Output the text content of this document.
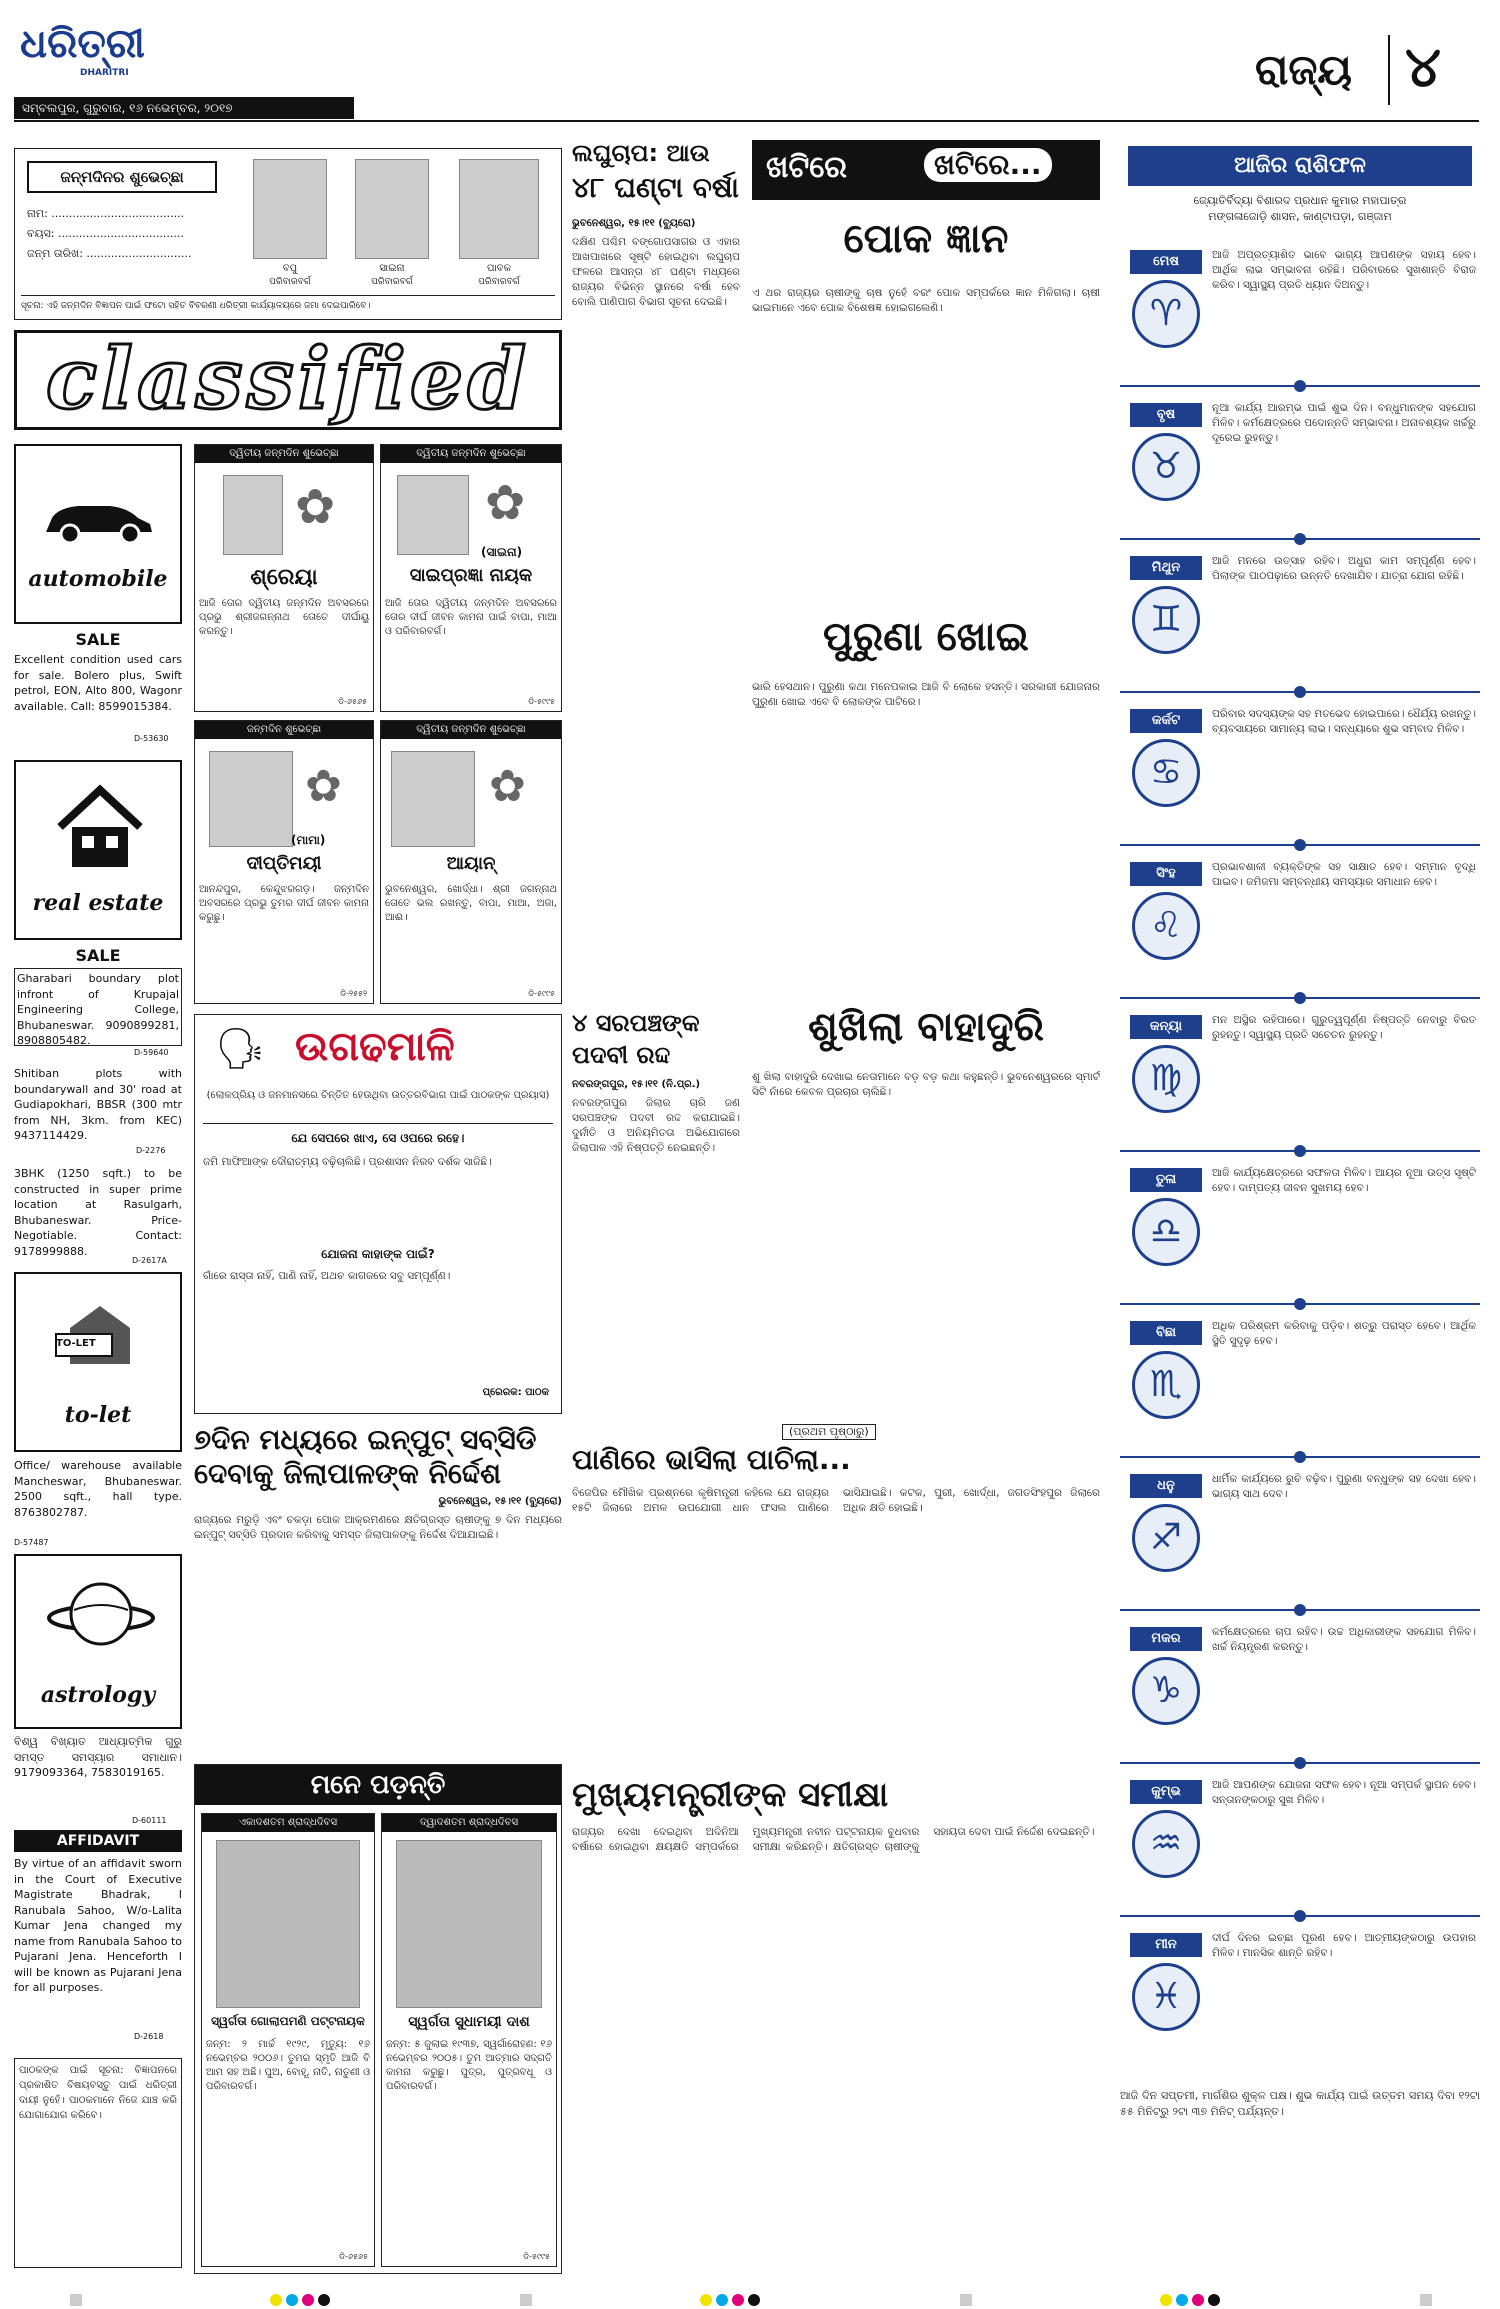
ଧରିତ୍ରୀ
DHARITRI
ସମ୍ବଲପୁର, ଗୁରୁବାର, ୧୬ ନଭେମ୍ବର, ୨୦୧୭
ରାଜ୍ୟ ୪
ଜନ୍ମଦିନର ଶୁଭେଚ୍ଛା
ନାମ: ......................................
ବୟସ: ....................................
ଜନ୍ମ ତାରିଖ: ..............................
ବପୁ
ପରିବାରବର୍ଗ
ସାଇନା
ପରିବାରବର୍ଗ
ପାବକ
ପରିବାରବର୍ଗ
ସୂଚନା: ଏହି ଜନ୍ମଦିନ ବିଜ୍ଞାପନ ପାଇଁ ଫଟୋ ସହିତ ବିବରଣୀ ଧରିତ୍ରୀ କାର୍ଯ୍ୟାଳୟରେ ଜମା ଦେଇପାରିବେ।
classified
automobile
SALE
Excellent condition used cars for sale. Bolero plus, Swift petrol, EON, Alto 800, Wagonr available. Call: 8599015384.
D-53630
real estate
SALE
Gharabari boundary plot infront of Krupajal Engineering College, Bhubaneswar. 9090899281, 8908805482.
D-59640
Shitiban plots with boundarywall and 30' road at Gudiapokhari, BBSR (300 mtr from NH, 3km. from KEC) 9437114429.
D-2276
3BHK (1250 sqft.) to be constructed in super prime location at Rasulgarh, Bhubaneswar. Price-Negotiable. Contact: 9178999888.
D-2617A
TO-LET
to-let
Office/ warehouse available Mancheswar, Bhubaneswar. 2500 sqft., hall type. 8763802787.
D-57487
astrology
ବିଶ୍ୱ ବିଖ୍ୟାତ ଆଧ୍ୟାତ୍ମିକ ଗୁରୁ ସମସ୍ତ ସମସ୍ୟାର ସମାଧାନ। 9179093364, 7583019165.
D-60111
AFFIDAVIT
By virtue of an affidavit sworn in the Court of Executive Magistrate Bhadrak, I Ranubala Sahoo, W/o-Lalita Kumar Jena changed my name from Ranubala Sahoo to Pujarani Jena. Henceforth I will be known as Pujarani Jena for all purposes.
D-2618
ପାଠକଙ୍କ ପାଇଁ ସୂଚନା: ବିଜ୍ଞାପନରେ ପ୍ରକାଶିତ ବିଷୟବସ୍ତୁ ପାଇଁ ଧରିତ୍ରୀ ଦାୟୀ ନୁହେଁ। ପାଠକମାନେ ନିଜେ ଯାଞ୍ଚ କରି ଯୋଗାଯୋଗ କରିବେ।
ଦ୍ୱିତୀୟ ଜନ୍ମଦିନ ଶୁଭେଚ୍ଛା
✿
ଶ୍ରେୟା
ଆଜି ତୋର ଦ୍ୱିତୀୟ ଜନ୍ମଦିନ ଅବସରରେ ପ୍ରଭୁ ଶ୍ରୀଜଗନ୍ନାଥ ତୋତେ ଦୀର୍ଘାୟୁ କରନ୍ତୁ।
ଡି-୬୫୬୫
ଦ୍ୱିତୀୟ ଜନ୍ମଦିନ ଶୁଭେଚ୍ଛା
✿
(ସାଇନା)
ସାଇପ୍ରଜ୍ଞା ନାୟକ
ଆଜି ତୋର ଦ୍ୱିତୀୟ ଜନ୍ମଦିନ ଅବସରରେ ତୋର ଦୀର୍ଘ ଜୀବନ କାମନା ପାଇଁ ବାପା, ମାଆ ଓ ପରିବାରବର୍ଗ।
ଡି-୫୯୯୫
ଜନ୍ମଦିନ ଶୁଭେଚ୍ଛା
✿
(ମାମା)
ଦୀପ୍ତିମୟୀ
ଆନନ୍ଦପୁର, କେନ୍ଦୁଝରଗଡ଼। ଜନ୍ମଦିନ ଅବସରରେ ପ୍ରଭୁ ତୁମର ଦୀର୍ଘ ଜୀବନ କାମନା କରୁଛୁ।
ଡି-୨୫୫୨
ଦ୍ୱିତୀୟ ଜନ୍ମଦିନ ଶୁଭେଚ୍ଛା
✿
ଆୟାନ୍
ଭୁବନେଶ୍ୱର, ଖୋର୍ଦ୍ଧା। ଶ୍ରୀ ଜଗନ୍ନାଥ ତୋତେ ଭଲ ରଖନ୍ତୁ, ବାପା, ମାଆ, ଅଜା, ଆଈ।
ଡି-୫୯୯୫
🗣 ଉଗଢମାଳି
(ଲୋକପ୍ରିୟ ଓ ଜନମାନସରେ ଚିନ୍ତିତ ହେଉଥିବା ଉତ୍ତରବିଭାଗ ପାଇଁ ପାଠକଙ୍କ ପ୍ରୟାସ)
ଯେ ସେପରେ ଖାଏ, ସେ ଓପରେ ରହେ।
ଜମି ମାଫିଆଙ୍କ ଦୌରାତ୍ମ୍ୟ ବଢ଼ିଚାଲିଛି। ପ୍ରଶାସନ ନିରବ ଦର୍ଶକ ସାଜିଛି।
ଯୋଜନା କାହାଙ୍କ ପାଇଁ?
ଗାଁରେ ରାସ୍ତା ନାହିଁ, ପାଣି ନାହିଁ, ଅଥଚ କାଗଜରେ ସବୁ ସମ୍ପୂର୍ଣ୍ଣ।
ପ୍ରେରକ: ପାଠକ
ଲଘୁଚାପ: ଆଉ
୪୮ ଘଣ୍ଟା ବର୍ଷା
ଭୁବନେଶ୍ୱର, ୧୫।୧୧ (ବ୍ୟୁରୋ)
ଦକ୍ଷିଣ ପଶ୍ଚିମ ବଙ୍ଗୋପସାଗର ଓ ଏହାର ଆଖପାଖରେ ସୃଷ୍ଟି ହୋଇଥିବା ଲଘୁଚାପ ଫଳରେ ଆସନ୍ତା ୪୮ ଘଣ୍ଟା ମଧ୍ୟରେ ରାଜ୍ୟର ବିଭିନ୍ନ ସ୍ଥାନରେ ବର୍ଷା ହେବ ବୋଲି ପାଣିପାଗ ବିଭାଗ ସୂଚନା ଦେଇଛି।
୪ ସରପଞ୍ଚଙ୍କ
ପଦବୀ ରଦ୍ଦ
ନବରଙ୍ଗପୁର, ୧୫।୧୧ (ନି.ପ୍ର.)
ନବରଙ୍ଗପୁର ଜିଲାର ଚାରି ଜଣ ସରପଞ୍ଚଙ୍କ ପଦବୀ ରଦ୍ଦ କରାଯାଇଛି। ଦୁର୍ନୀତି ଓ ଅନିୟମିତତା ଅଭିଯୋଗରେ ଜିଲାପାଳ ଏହି ନିଷ୍ପତ୍ତି ନେଇଛନ୍ତି।
ଖଟିରେ	ଖଟିରେ...
ପୋକ ଜ୍ଞାନ
ଏ ଥର ରାଜ୍ୟର ଚାଷୀଙ୍କୁ ଚାଷ ନୁହେଁ ବରଂ ପୋକ ସମ୍ପର୍କରେ ଜ୍ଞାନ ମିଳିଗଲା। ଚାଷୀ ଭାଇମାନେ ଏବେ ପୋକ ବିଶେଷଜ୍ଞ ହୋଇଗଲେଣି।
ପୁରୁଣା ଖୋଇ
ଭାରି ହେସଥାନ। ପୁରୁଣା କଥା ମନେପକାଇ ଆଜି ବି ଲୋକେ ହସନ୍ତି। ସରକାରୀ ଯୋଜନାର ପୁରୁଣା ଖୋଇ ଏବେ ବି ଲୋକଙ୍କ ପାଟିରେ।
ଶୁଖିଲା ବାହାଦୁରି
ଶୁ ଖିଲା ବାହାଦୁରି ଦେଖାଇ ନେତାମାନେ ବଡ଼ ବଡ଼ କଥା କହୁଛନ୍ତି। ଭୁବନେଶ୍ୱରରେ ସ୍ମାର୍ଟ ସିଟି ନାଁରେ କେବଳ ପ୍ରଚାର ଚାଲିଛି।
୭ଦିନ ମଧ୍ୟରେ ଇନ୍‌ପୁଟ୍ ସବ୍‌ସିଡି
ଦେବାକୁ ଜିଲାପାଳଙ୍କ ନିର୍ଦ୍ଦେଶ
ଭୁବନେଶ୍ୱର, ୧୫।୧୧ (ବ୍ୟୁରୋ)
ରାଜ୍ୟରେ ମରୁଡ଼ି ଏବଂ ଚକଡ଼ା ପୋକ ଆକ୍ରମଣରେ କ୍ଷତିଗ୍ରସ୍ତ ଚାଷୀଙ୍କୁ ୭ ଦିନ ମଧ୍ୟରେ ଇନ୍‌ପୁଟ୍ ସବ୍‌ସିଡି ପ୍ରଦାନ କରିବାକୁ ସମସ୍ତ ଜିଲାପାଳଙ୍କୁ ନିର୍ଦ୍ଦେଶ ଦିଆଯାଇଛି।
(ପ୍ରଥମ ପୃଷ୍ଠାରୁ)
ପାଣିରେ ଭାସିଲା ପାଚିଲା...
ବିଜେପିର ମୌଖିକ ପ୍ରଶ୍ନରେ କୃଷିମନ୍ତ୍ରୀ କହିଲେ ଯେ ରାଜ୍ୟର ୧୫ଟି ଜିଲାରେ ଅମଳ ଉପଯୋଗୀ ଧାନ ଫସଲ ପାଣିରେ ଭାସିଯାଇଛି। କଟକ, ପୁରୀ, ଖୋର୍ଦ୍ଧା, ଜଗତସିଂହପୁର ଜିଲାରେ ଅଧିକ କ୍ଷତି ହୋଇଛି।
ମନେ ପଡ଼ନ୍ତି
ଏକାଦଶତମ ଶ୍ରାଦ୍ଧଦିବସ
ସ୍ୱର୍ଗତା ଗୋଲାପମଣି ପଟ୍ଟନାୟକ
ଜନ୍ମ: ୨ ମାର୍ଚ୍ଚ ୧୯୨୯, ମୃତ୍ୟୁ: ୧୬ ନଭେମ୍ବର ୨୦୦୬। ତୁମର ସ୍ମୃତି ଆଜି ବି ଆମ ସହ ଅଛି। ପୁଅ, ବୋହୂ, ନାତି, ନାତୁଣୀ ଓ ପରିବାରବର୍ଗ।
ଡି-୬୫୬୫
ଦ୍ୱାଦଶତମ ଶ୍ରାଦ୍ଧଦିବସ
ସ୍ୱର୍ଗତା ସୁଧାମୟୀ ଦାଶ
ଜନ୍ମ: ୫ ଜୁଲାଇ ୧୯୩୭, ସ୍ୱର୍ଗାରୋହଣ: ୧୬ ନଭେମ୍ବର ୨୦୦୫। ତୁମ ଆତ୍ମାର ସଦ୍‌ଗତି କାମନା କରୁଛୁ। ପୁତ୍ର, ପୁତ୍ରବଧୂ ଓ ପରିବାରବର୍ଗ।
ଡି-୫୯୯୫
ମୁଖ୍ୟମନ୍ତ୍ରୀଙ୍କ ସମୀକ୍ଷା
ରାଜ୍ୟର ଦେଖା ଦେଇଥିବା ଅଦିନିଆ ବର୍ଷାରେ ହୋଇଥିବା କ୍ଷୟକ୍ଷତି ସମ୍ପର୍କରେ ମୁଖ୍ୟମନ୍ତ୍ରୀ ନବୀନ ପଟ୍ଟନାୟକ ବୁଧବାର ସମୀକ୍ଷା କରିଛନ୍ତି। କ୍ଷତିଗ୍ରସ୍ତ ଚାଷୀଙ୍କୁ ସହାୟତା ଦେବା ପାଇଁ ନିର୍ଦ୍ଦେଶ ଦେଇଛନ୍ତି।
ଆଜିର ରାଶିଫଳ
ଜ୍ୟୋତିର୍ବିଦ୍ୟା ବିଶାରଦ ପ୍ରଧାନ କୁମାର ମହାପାତ୍ର
ମଙ୍ଗଳାଜୋଡ଼ି ଶାସନ, କାଣ୍ଟାପଡ଼ା, ଗଞ୍ଜାମ
ମେଷ
♈
ଆଜି ଅପ୍ରତ୍ୟାଶିତ ଭାବେ ଭାଗ୍ୟ ଆପଣଙ୍କ ସହାୟ ହେବ। ଆର୍ଥିକ ଲାଭ ସମ୍ଭାବନା ରହିଛି। ପରିବାରରେ ସୁଖଶାନ୍ତି ବିରାଜ କରିବ। ସ୍ୱାସ୍ଥ୍ୟ ପ୍ରତି ଧ୍ୟାନ ଦିଅନ୍ତୁ।
ବୃଷ
♉
ନୂଆ କାର୍ଯ୍ୟ ଆରମ୍ଭ ପାଇଁ ଶୁଭ ଦିନ। ବନ୍ଧୁମାନଙ୍କ ସହଯୋଗ ମିଳିବ। କର୍ମକ୍ଷେତ୍ରରେ ପଦୋନ୍ନତି ସମ୍ଭାବନା। ଅନାବଶ୍ୟକ ଖର୍ଚ୍ଚରୁ ଦୂରେଇ ରୁହନ୍ତୁ।
ମିଥୁନ
♊
ଆଜି ମନରେ ଉତ୍ସାହ ରହିବ। ଅଧୁରା କାମ ସମ୍ପୂର୍ଣ୍ଣ ହେବ। ପିଲାଙ୍କ ପାଠପଢ଼ାରେ ଉନ୍ନତି ଦେଖାଯିବ। ଯାତ୍ରା ଯୋଗ ରହିଛି।
କର୍କଟ
♋
ପରିବାର ସଦସ୍ୟଙ୍କ ସହ ମତଭେଦ ହୋଇପାରେ। ଧୈର୍ଯ୍ୟ ରଖନ୍ତୁ। ବ୍ୟବସାୟରେ ସାମାନ୍ୟ ଲାଭ। ସନ୍ଧ୍ୟାରେ ଶୁଭ ସମ୍ବାଦ ମିଳିବ।
ସିଂହ
♌
ପ୍ରଭାବଶାଳୀ ବ୍ୟକ୍ତିଙ୍କ ସହ ସାକ୍ଷାତ ହେବ। ସମ୍ମାନ ବୃଦ୍ଧି ପାଇବ। ଜମିଜମା ସମ୍ବନ୍ଧୀୟ ସମସ୍ୟାର ସମାଧାନ ହେବ।
କନ୍ୟା
♍
ମନ ଅସ୍ଥିର ରହିପାରେ। ଗୁରୁତ୍ୱପୂର୍ଣ୍ଣ ନିଷ୍ପତ୍ତି ନେବାରୁ ବିରତ ରୁହନ୍ତୁ। ସ୍ୱାସ୍ଥ୍ୟ ପ୍ରତି ସଚେତନ ରୁହନ୍ତୁ।
ତୁଳା
♎
ଆଜି କାର୍ଯ୍ୟକ୍ଷେତ୍ରରେ ସଫଳତା ମିଳିବ। ଆୟର ନୂଆ ଉତ୍ସ ସୃଷ୍ଟି ହେବ। ଦାମ୍ପତ୍ୟ ଜୀବନ ସୁଖମୟ ହେବ।
ବିଛା
♏
ଅଧିକ ପରିଶ୍ରମ କରିବାକୁ ପଡ଼ିବ। ଶତ୍ରୁ ପରାସ୍ତ ହେବେ। ଆର୍ଥିକ ସ୍ଥିତି ସୁଦୃଢ଼ ହେବ।
ଧନୁ
♐
ଧାର୍ମିକ କାର୍ଯ୍ୟରେ ରୁଚି ବଢ଼ିବ। ପୁରୁଣା ବନ୍ଧୁଙ୍କ ସହ ଦେଖା ହେବ। ଭାଗ୍ୟ ସାଥ ଦେବ।
ମକର
♑
କର୍ମକ୍ଷେତ୍ରରେ ଚାପ ରହିବ। ଉଚ୍ଚ ଅଧିକାରୀଙ୍କ ସହଯୋଗ ମିଳିବ। ଖର୍ଚ୍ଚ ନିୟନ୍ତ୍ରଣ କରନ୍ତୁ।
କୁମ୍ଭ
♒
ଆଜି ଆପଣଙ୍କ ଯୋଜନା ସଫଳ ହେବ। ନୂଆ ସମ୍ପର୍କ ସ୍ଥାପନ ହେବ। ସନ୍ତାନଙ୍କଠାରୁ ସୁଖ ମିଳିବ।
ମୀନ
♓
ଦୀର୍ଘ ଦିନର ଇଚ୍ଛା ପୂରଣ ହେବ। ଆତ୍ମୀୟଙ୍କଠାରୁ ଉପହାର ମିଳିବ। ମାନସିକ ଶାନ୍ତି ରହିବ।
ଆଜି ଦିନ ସପ୍ତମୀ, ମାର୍ଗଶିର ଶୁକ୍ଳ ପକ୍ଷ। ଶୁଭ କାର୍ଯ୍ୟ ପାଇଁ ଉତ୍ତମ ସମୟ ଦିବା ୧୨ଟା ୫୫ ମିନିଟ୍‌ରୁ ୨ଟା ୩୭ ମିନିଟ୍ ପର୍ଯ୍ୟନ୍ତ।
